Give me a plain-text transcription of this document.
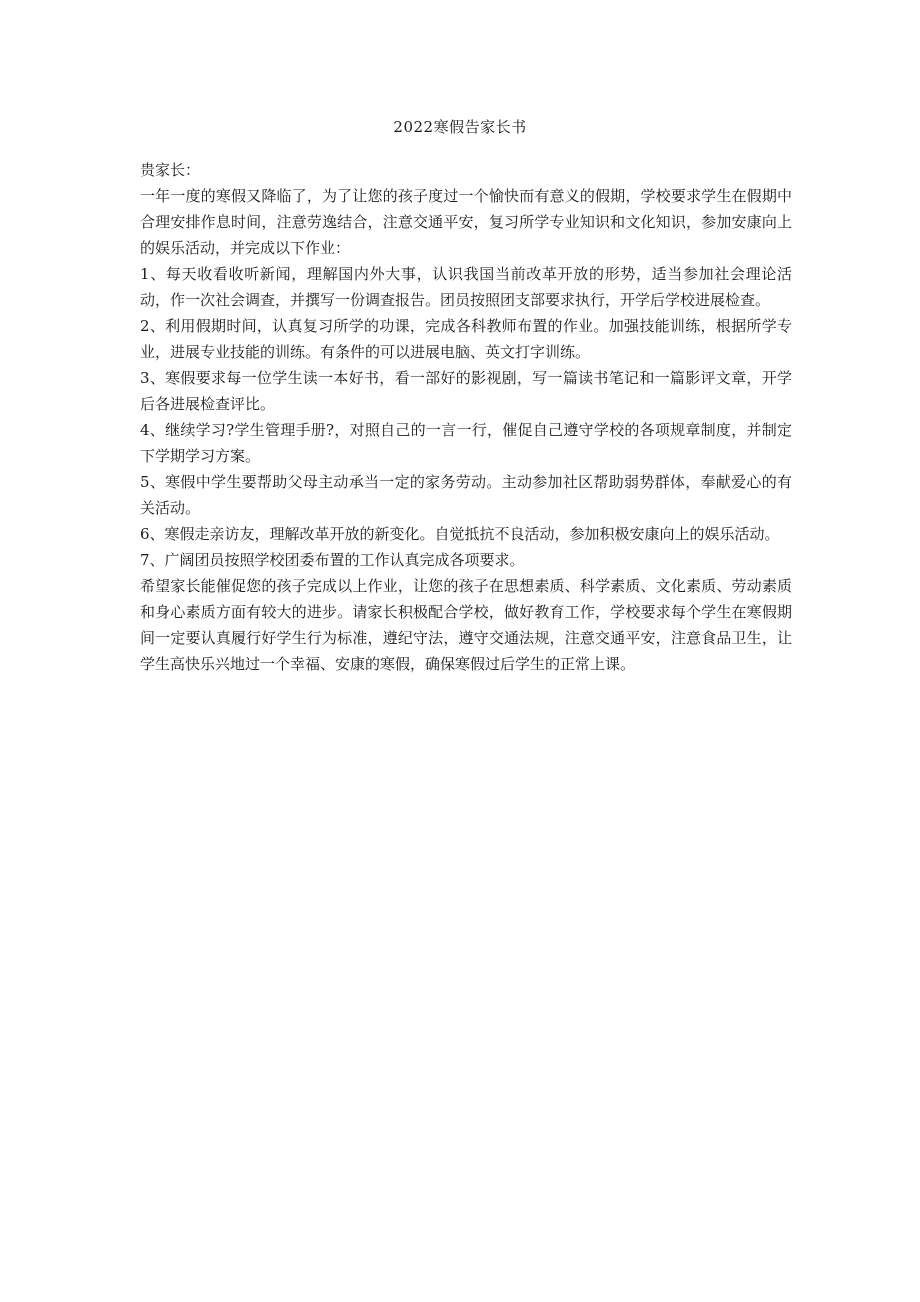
2022寒假告家长书

贵家长：

一年一度的寒假又降临了，为了让您的孩子度过一个愉快而有意义的假期，学校要求学生在假期中合理安排作息时间，注意劳逸结合，注意交通平安，复习所学专业知识和文化知识，参加安康向上的娱乐活动，并完成以下作业：

1、每天收看收听新闻，理解国内外大事，认识我国当前改革开放的形势，适当参加社会理论活动，作一次社会调查，并撰写一份调查报告。团员按照团支部要求执行，开学后学校进展检查。

2、利用假期时间，认真复习所学的功课，完成各科教师布置的作业。加强技能训练，根据所学专业，进展专业技能的训练。有条件的可以进展电脑、英文打字训练。

3、寒假要求每一位学生读一本好书，看一部好的影视剧，写一篇读书笔记和一篇影评文章，开学后各进展检查评比。

4、继续学习?学生管理手册?，对照自己的一言一行，催促自己遵守学校的各项规章制度，并制定下学期学习方案。

5、寒假中学生要帮助父母主动承当一定的家务劳动。主动参加社区帮助弱势群体，奉献爱心的有关活动。

6、寒假走亲访友，理解改革开放的新变化。自觉抵抗不良活动，参加积极安康向上的娱乐活动。

7、广阔团员按照学校团委布置的工作认真完成各项要求。

希望家长能催促您的孩子完成以上作业，让您的孩子在思想素质、科学素质、文化素质、劳动素质和身心素质方面有较大的进步。请家长积极配合学校，做好教育工作，学校要求每个学生在寒假期间一定要认真履行好学生行为标准，遵纪守法，遵守交通法规，注意交通平安，注意食品卫生，让学生高快乐兴地过一个幸福、安康的寒假，确保寒假过后学生的正常上课。
